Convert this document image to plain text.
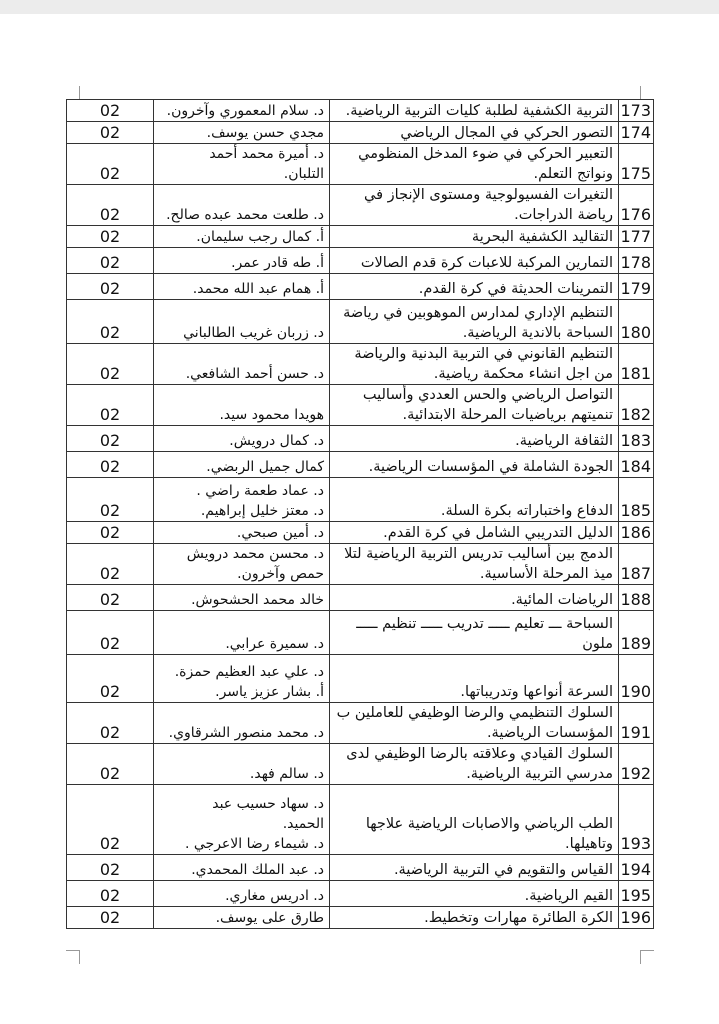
173	التربية الكشفية لطلبة كليات التربية الرياضية.	د. سلام المعموري وآخرون.	02
174	التصور الحركي في المجال الرياضي	مجدي حسن يوسف.	02
175	التعبير الحركي في ضوء المدخل المنظومي ونواتج التعلم.	د. أميرة محمد أحمد
التلبان.	02
176	التغيرات الفسيولوجية ومستوى الإنجاز في رياضة الدراجات.	د. طلعت محمد عبده صالح.	02
177	التقاليد الكشفية البحرية	أ. كمال رجب سليمان.	02
178	التمارين المركبة للاعبات كرة قدم الصالات	أ. طه قادر عمر.	02
179	التمرينات الحديثة في كرة القدم.	أ. همام عبد الله محمد.	02
180	التنظيم الإداري لمدارس الموهوبين في رياضة السباحة بالاندية الرياضية.	د. زربان غريب الطالباني	02
181	التنظيم القانوني في التربية البدنية والرياضة من اجل انشاء محكمة رياضية.	د. حسن أحمد الشافعي.	02
182	التواصل الرياضي والحس العددي وأساليب تنميتهم برياضيات المرحلة الابتدائية.	هويدا محمود سيد.	02
183	الثقافة الرياضية.	د. كمال درويش.	02
184	الجودة الشاملة في المؤسسات الرياضية.	كمال جميل الربضي.	02
185	الدفاع واختباراته بكرة السلة.	د. عماد طعمة راضي .
د. معتز خليل إبراهيم.	02
186	الدليل التدريبي الشامل في كرة القدم.	د. أمين صبحي.	02
187	الدمج بين أساليب تدريس التربية الرياضية لتلا ميذ المرحلة الأساسية.	د. محسن محمد درويش
حمص وآخرون.	02
188	الرياضات المائية.	خالد محمد الحشحوش.	02
189	السباحة ـــ تعليم ـــــ تدريب ـــــ تنظيم ـــــ ملون	د. سميرة عرابي.	02
190	السرعة أنواعها وتدريباتها.	د. علي عبد العظيم حمزة.
أ. بشار عزيز ياسر.	02
191	السلوك التنظيمي والرضا الوظيفي للعاملين ب المؤسسات الرياضية.	د. محمد منصور الشرقاوي.	02
192	السلوك القيادي وعلاقته بالرضا الوظيفي لدى مدرسي التربية الرياضية.	د. سالم فهد.	02
193	الطب الرياضي والاصابات الرياضية علاجها وتاهيلها.	د. سهاد حسيب عبد
الحميد.
د. شيماء رضا الاعرجي .	02
194	القياس والتقويم في التربية الرياضية.	د. عبد الملك المحمدي.	02
195	القيم الرياضية.	د. ادريس مغاري.	02
196	الكرة الطائرة مهارات وتخطيط.	طارق على يوسف.	02
